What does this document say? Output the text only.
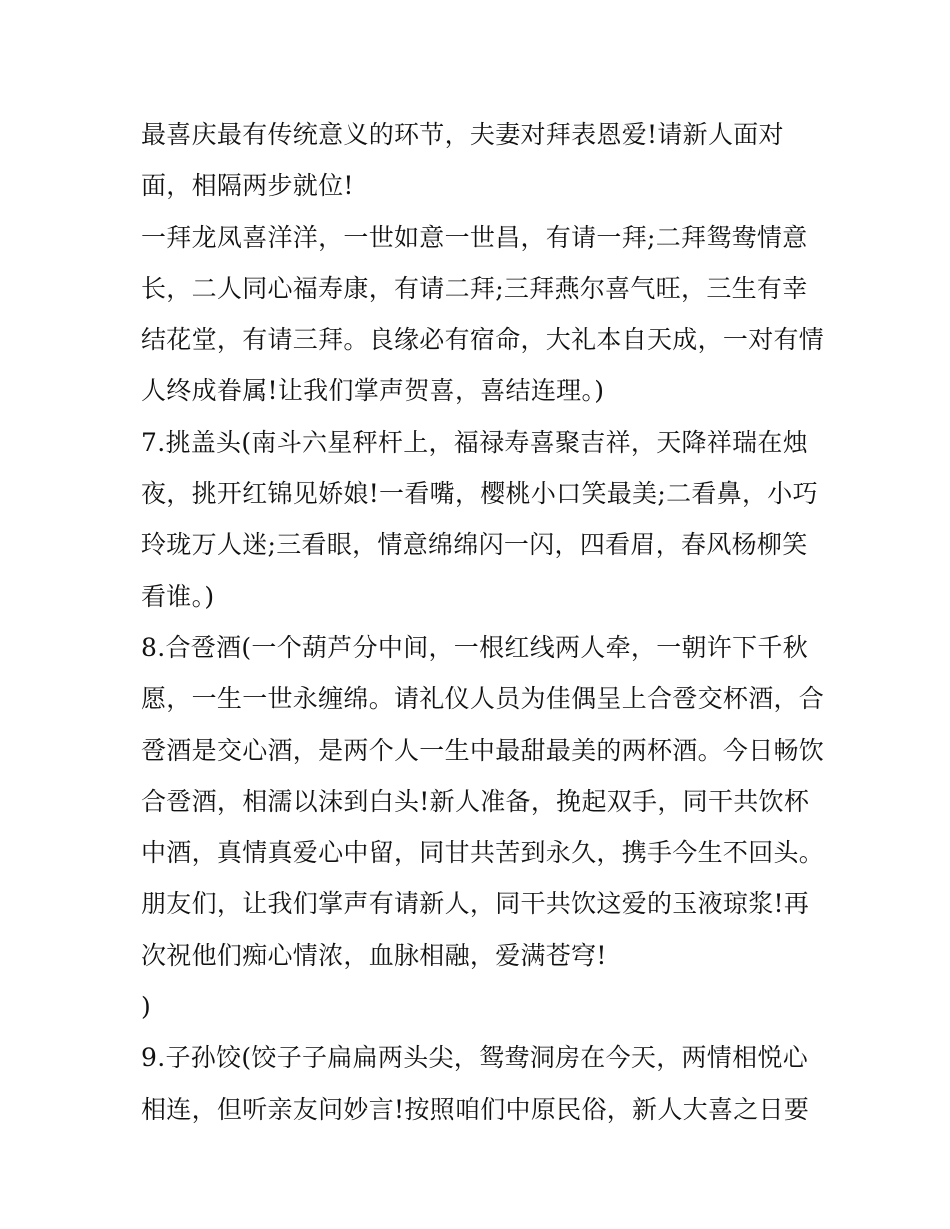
最喜庆最有传统意义的环节，夫妻对拜表恩爱!请新人面对
面，相隔两步就位!
一拜龙凤喜洋洋，一世如意一世昌，有请一拜;二拜鸳鸯情意
长，二人同心福寿康，有请二拜;三拜燕尔喜气旺，三生有幸
结花堂，有请三拜。良缘必有宿命，大礼本自天成，一对有情
人终成眷属!让我们掌声贺喜，喜结连理。)
7.挑盖头(南斗六星秤杆上，福禄寿喜聚吉祥，天降祥瑞在烛
夜，挑开红锦见娇娘!一看嘴，樱桃小口笑最美;二看鼻，小巧
玲珑万人迷;三看眼，情意绵绵闪一闪，四看眉，春风杨柳笑
看谁。)
8.合卺酒(一个葫芦分中间，一根红线两人牵，一朝许下千秋
愿，一生一世永缠绵。请礼仪人员为佳偶呈上合卺交杯酒，合
卺酒是交心酒，是两个人一生中最甜最美的两杯酒。今日畅饮
合卺酒，相濡以沫到白头!新人准备，挽起双手，同干共饮杯
中酒，真情真爱心中留，同甘共苦到永久，携手今生不回头。
朋友们，让我们掌声有请新人，同干共饮这爱的玉液琼浆!再
次祝他们痴心情浓，血脉相融，爱满苍穹!
)
9.子孙饺(饺子子扁扁两头尖，鸳鸯洞房在今天，两情相悦心
相连，但听亲友问妙言!按照咱们中原民俗，新人大喜之日要
